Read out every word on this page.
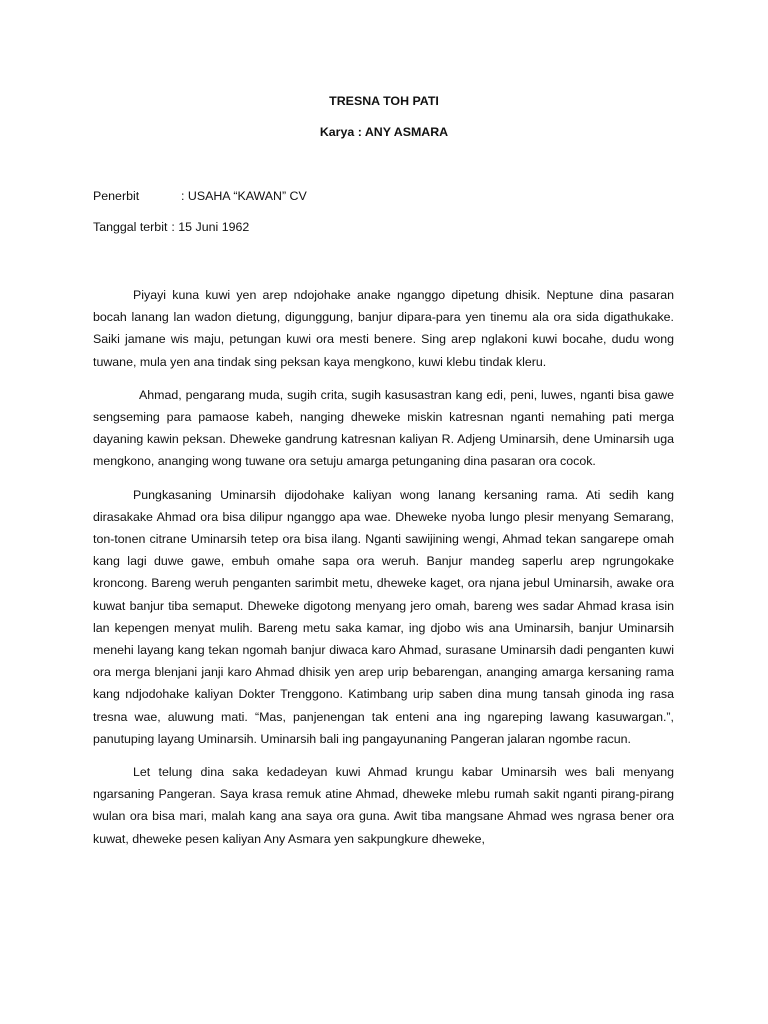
TRESNA TOH PATI
Karya : ANY ASMARA
Penerbit	: USAHA “KAWAN” CV
Tanggal terbit : 15 Juni 1962

Piyayi kuna kuwi yen arep ndojohake anake nganggo dipetung dhisik. Neptune dina pasaran bocah lanang lan wadon dietung, digunggung, banjur dipara-para yen tinemu ala ora sida digathukake. Saiki jamane wis maju, petungan kuwi ora mesti benere. Sing arep nglakoni kuwi bocahe, dudu wong tuwane, mula yen ana tindak sing peksan kaya mengkono, kuwi klebu tindak kleru.

Ahmad, pengarang muda, sugih crita, sugih kasusastran kang edi, peni, luwes, nganti bisa gawe sengseming para pamaose kabeh, nanging dheweke miskin katresnan nganti nemahing pati merga dayaning kawin peksan. Dheweke gandrung katresnan kaliyan R. Adjeng Uminarsih, dene Uminarsih uga mengkono, ananging wong tuwane ora setuju amarga petunganing dina pasaran ora cocok.

Pungkasaning Uminarsih dijodohake kaliyan wong lanang kersaning rama. Ati sedih kang dirasakake Ahmad ora bisa dilipur nganggo apa wae. Dheweke nyoba lungo plesir menyang Semarang, ton-tonen citrane Uminarsih tetep ora bisa ilang. Nganti sawijining wengi, Ahmad tekan sangarepe omah kang lagi duwe gawe, embuh omahe sapa ora weruh. Banjur mandeg saperlu arep ngrungokake kroncong. Bareng weruh penganten sarimbit metu, dheweke kaget, ora njana jebul Uminarsih, awake ora kuwat banjur tiba semaput. Dheweke digotong menyang jero omah, bareng wes sadar Ahmad krasa isin lan kepengen menyat mulih. Bareng metu saka kamar, ing djobo wis ana Uminarsih, banjur Uminarsih menehi layang kang tekan ngomah banjur diwaca karo Ahmad, surasane Uminarsih dadi penganten kuwi ora merga blenjani janji karo Ahmad dhisik yen arep urip bebarengan, ananging amarga kersaning rama kang ndjodohake kaliyan Dokter Trenggono. Katimbang urip saben dina mung tansah ginoda ing rasa tresna wae, aluwung mati. “Mas, panjenengan tak enteni ana ing ngareping lawang kasuwargan.”, panutuping layang Uminarsih. Uminarsih bali ing pangayunaning Pangeran jalaran ngombe racun.

Let telung dina saka kedadeyan kuwi Ahmad krungu kabar Uminarsih wes bali menyang ngarsaning Pangeran. Saya krasa remuk atine Ahmad, dheweke mlebu rumah sakit nganti pirang-pirang wulan ora bisa mari, malah kang ana saya ora guna. Awit tiba mangsane Ahmad wes ngrasa bener ora kuwat, dheweke pesen kaliyan Any Asmara yen sakpungkure dheweke,
